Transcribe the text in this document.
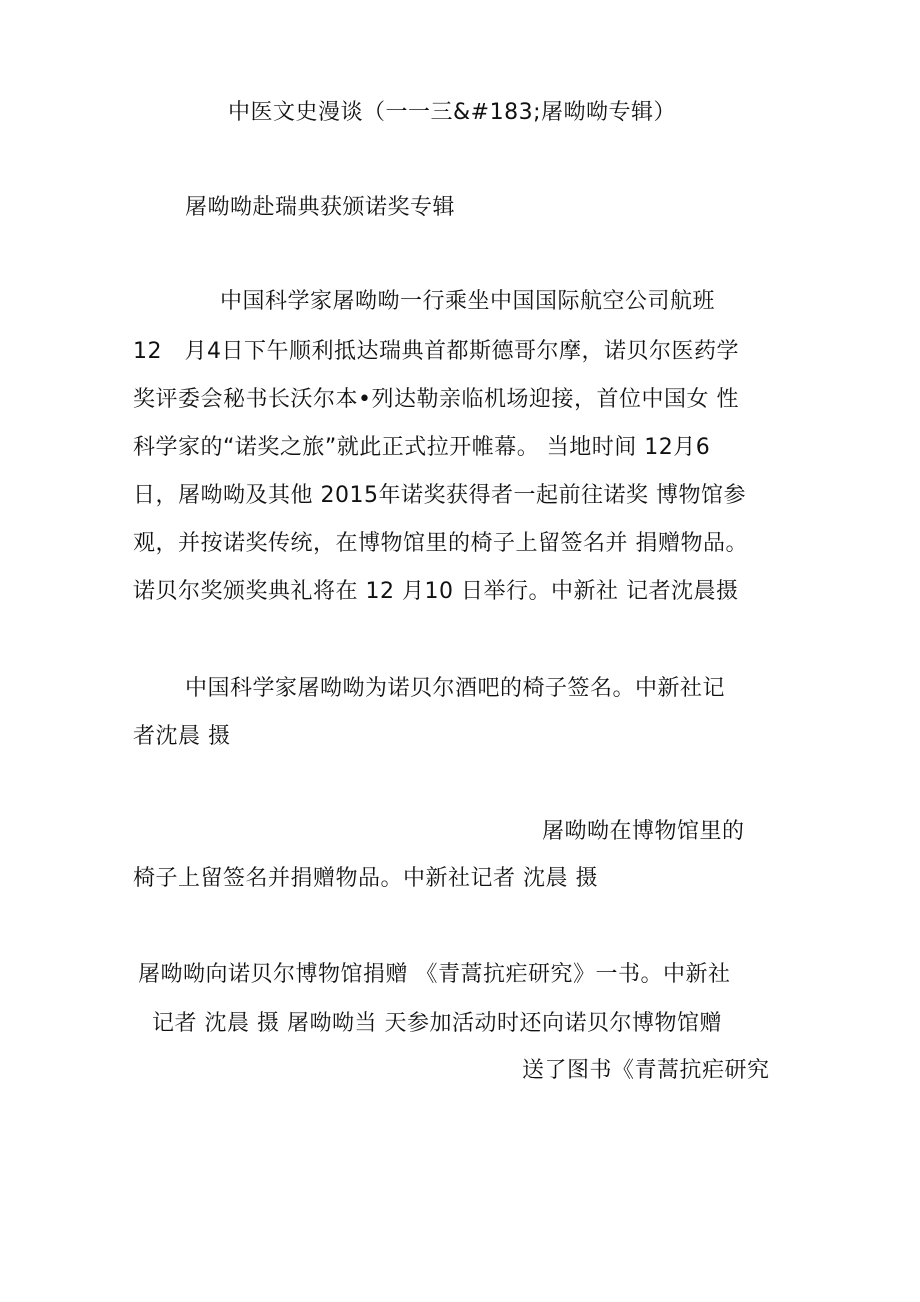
中医文史漫谈（一一三&#183;屠呦呦专辑）
屠呦呦赴瑞典获颁诺奖专辑
中国科学家屠呦呦一行乘坐中国国际航空公司航班
12　月4日下午顺利抵达瑞典首都斯德哥尔摩，诺贝尔医药学
奖评委会秘书长沃尔本•列达勒亲临机场迎接，首位中国女 性
科学家的“诺奖之旅”就此正式拉开帷幕。 当地时间 12月6
日，屠呦呦及其他 2015年诺奖获得者一起前往诺奖 博物馆参
观，并按诺奖传统，在博物馆里的椅子上留签名并 捐赠物品。
诺贝尔奖颁奖典礼将在 12 月10 日举行。中新社 记者沈晨摄
中国科学家屠呦呦为诺贝尔酒吧的椅子签名。中新社记
者沈晨 摄
屠呦呦在博物馆里的
椅子上留签名并捐赠物品。中新社记者 沈晨 摄
屠呦呦向诺贝尔博物馆捐赠 《青蒿抗疟研究》一书。中新社
记者 沈晨 摄 屠呦呦当 天参加活动时还向诺贝尔博物馆赠
送了图书《青蒿抗疟研究
